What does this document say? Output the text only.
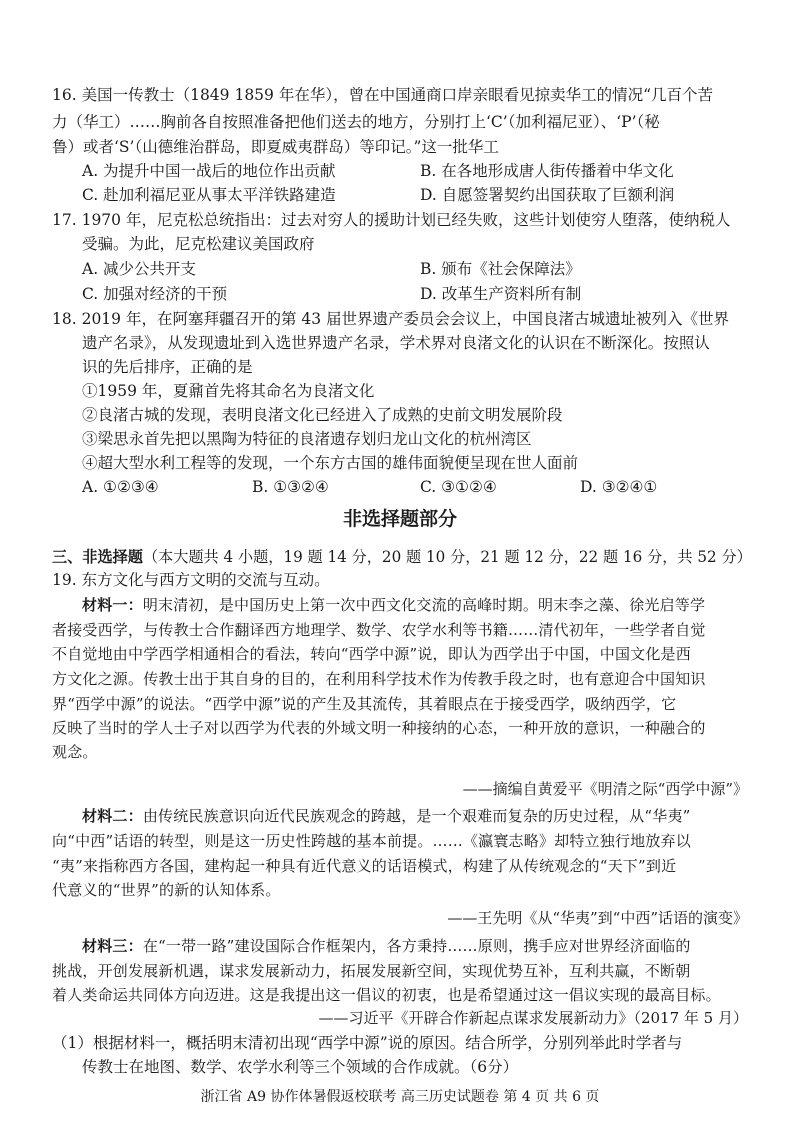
16. 美国一传教士（1849 1859 年在华），曾在中国通商口岸亲眼看见掠卖华工的情况“几百个苦
力（华工）……胸前各自按照准备把他们送去的地方，分别打上‘C’（加利福尼亚）、‘P’（秘
鲁）或者‘S’（山德维治群岛，即夏威夷群岛）等印记。”这一批华工
A. 为提升中国一战后的地位作出贡献	B. 在各地形成唐人街传播着中华文化
C. 赴加利福尼亚从事太平洋铁路建造	D. 自愿签署契约出国获取了巨额利润
17. 1970 年，尼克松总统指出：过去对穷人的援助计划已经失败，这些计划使穷人堕落，使纳税人
受骗。为此，尼克松建议美国政府
A. 减少公共开支	B. 颁布《社会保障法》
C. 加强对经济的干预	D. 改革生产资料所有制
18. 2019 年，在阿塞拜疆召开的第 43 届世界遗产委员会会议上，中国良渚古城遗址被列入《世界
遗产名录》，从发现遗址到入选世界遗产名录，学术界对良渚文化的认识在不断深化。按照认
识的先后排序，正确的是
①1959 年，夏鼐首先将其命名为良渚文化
②良渚古城的发现，表明良渚文化已经进入了成熟的史前文明发展阶段
③梁思永首先把以黑陶为特征的良渚遗存划归龙山文化的杭州湾区
④超大型水利工程等的发现，一个东方古国的雄伟面貌便呈现在世人面前
A. ①②③④	B. ①③②④	C. ③①②④	D. ③②④①
非选择题部分
三、非选择题（本大题共 4 小题，19 题 14 分，20 题 10 分，21 题 12 分，22 题 16 分，共 52 分）
19. 东方文化与西方文明的交流与互动。
材料一：明末清初，是中国历史上第一次中西文化交流的高峰时期。明末李之藻、徐光启等学
者接受西学，与传教士合作翻译西方地理学、数学、农学水利等书籍……清代初年，一些学者自觉
不自觉地由中学西学相通相合的看法，转向“西学中源”说，即认为西学出于中国，中国文化是西
方文化之源。传教士出于其自身的目的，在利用科学技术作为传教手段之时，也有意迎合中国知识
界“西学中源”的说法。“西学中源”说的产生及其流传，其着眼点在于接受西学，吸纳西学，它
反映了当时的学人士子对以西学为代表的外域文明一种接纳的心态，一种开放的意识，一种融合的
观念。
——摘编自黄爱平《明清之际“西学中源”》
材料二：由传统民族意识向近代民族观念的跨越，是一个艰难而复杂的历史过程，从“华夷”
向“中西”话语的转型，则是这一历史性跨越的基本前提。……《瀛寰志略》却特立独行地放弃以
“夷”来指称西方各国，建构起一种具有近代意义的话语模式，构建了从传统观念的“天下”到近
代意义的“世界”的新的认知体系。
——王先明《从“华夷”到“中西”话语的演变》
材料三：在“一带一路”建设国际合作框架内，各方秉持……原则，携手应对世界经济面临的
挑战，开创发展新机遇，谋求发展新动力，拓展发展新空间，实现优势互补，互利共赢，不断朝
着人类命运共同体方向迈进。这是我提出这一倡议的初衷，也是希望通过这一倡议实现的最高目标。
——习近平《开辟合作新起点谋求发展新动力》（2017 年 5 月）
（1）根据材料一，概括明末清初出现“西学中源”说的原因。结合所学，分别列举此时学者与
传教士在地图、数学、农学水利等三个领域的合作成就。（6分）
浙江省 A9 协作体暑假返校联考 高三历史试题卷 第 4 页 共 6 页
